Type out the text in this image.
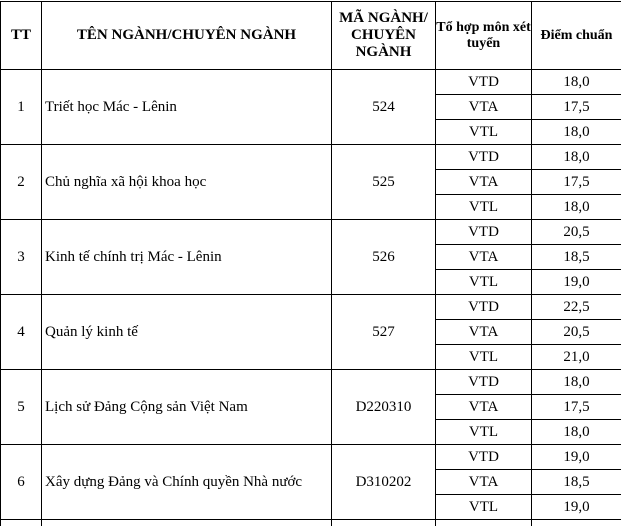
TT	TÊN NGÀNH/CHUYÊN NGÀNH	MÃ NGÀNH/ CHUYÊN NGÀNH	Tổ hợp môn xét tuyển	Điểm chuẩn
1	Triết học Mác - Lênin	524	VTD	18,0
			VTA	17,5
			VTL	18,0
2	Chủ nghĩa xã hội khoa học	525	VTD	18,0
			VTA	17,5
			VTL	18,0
3	Kinh tế chính trị Mác - Lênin	526	VTD	20,5
			VTA	18,5
			VTL	19,0
4	Quản lý kinh tế	527	VTD	22,5
			VTA	20,5
			VTL	21,0
5	Lịch sử Đảng Cộng sản Việt Nam	D220310	VTD	18,0
			VTA	17,5
			VTL	18,0
6	Xây dựng Đảng và Chính quyền Nhà nước	D310202	VTD	19,0
			VTA	18,5
			VTL	19,0
